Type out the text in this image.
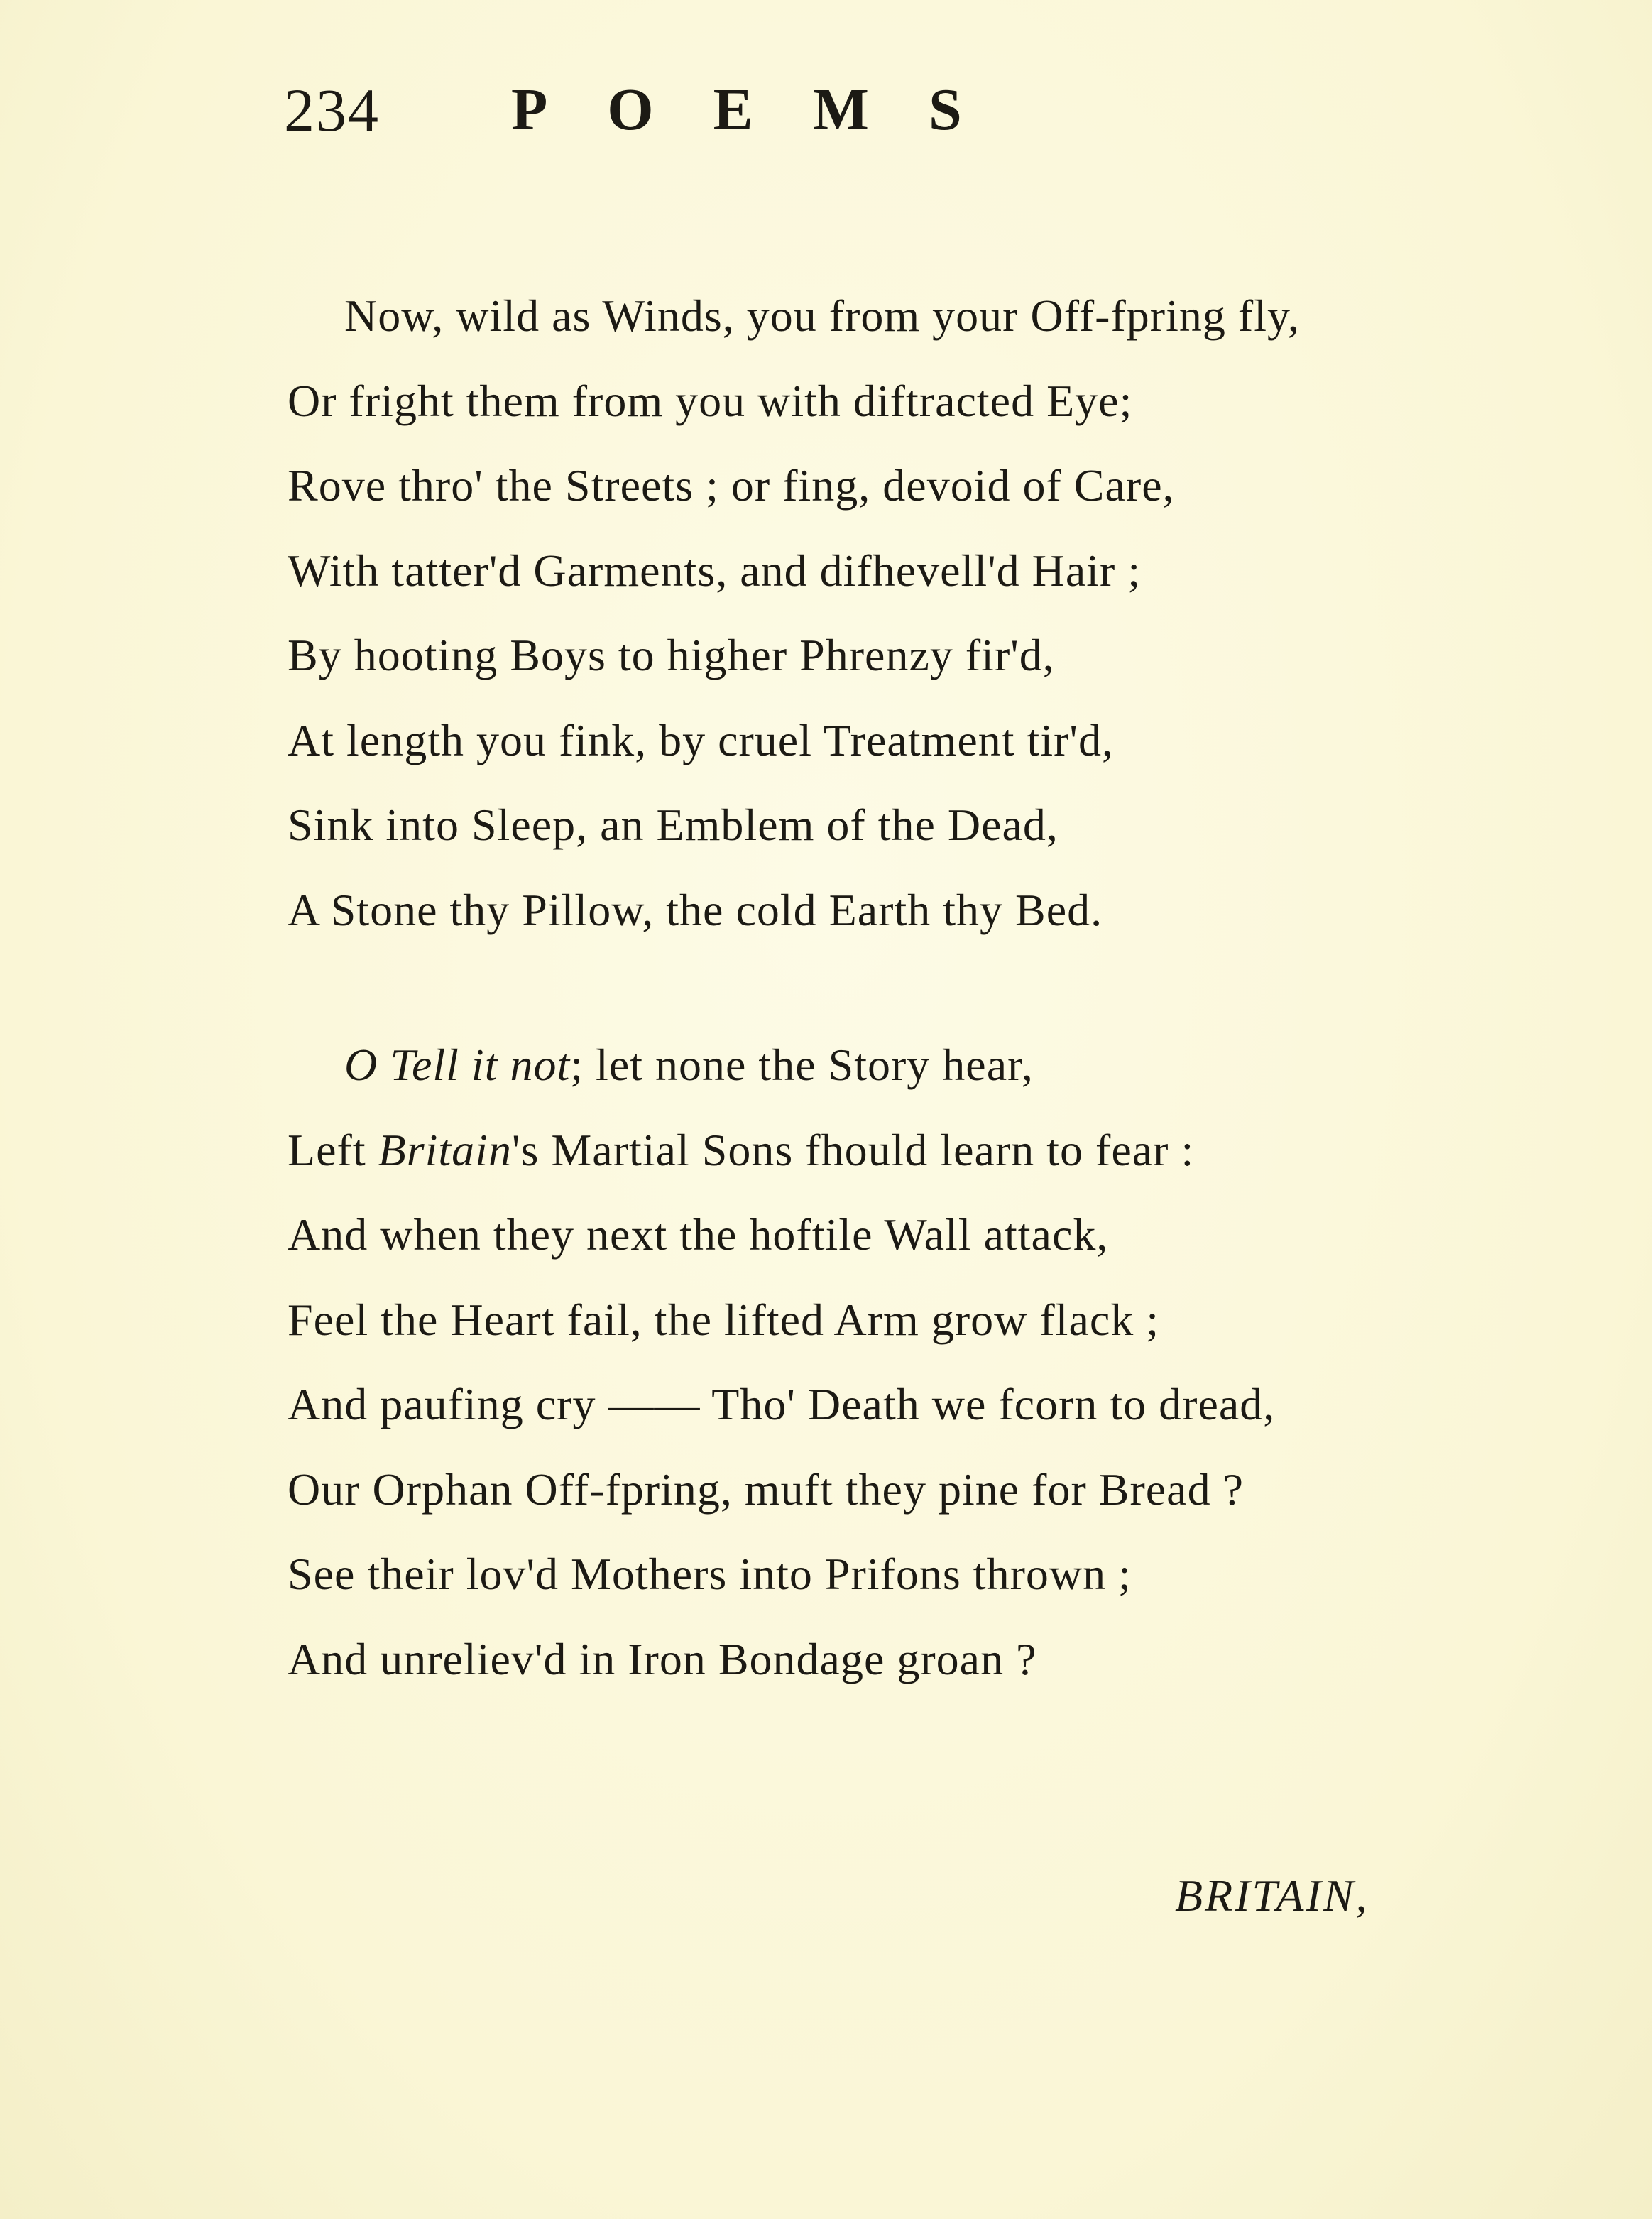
234 POEMS
Now, wild as Winds, you from your Off-fpring fly,
Or fright them from you with diftracted Eye;
Rove thro' the Streets ; or fing, devoid of Care,
With tatter'd Garments, and difhevell'd Hair ;
By hooting Boys to higher Phrenzy fir'd,
At length you fink, by cruel Treatment tir'd,
Sink into Sleep, an Emblem of the Dead,
A Stone thy Pillow, the cold Earth thy Bed.
O Tell it not; let none the Story hear,
Left Britain's Martial Sons fhould learn to fear :
And when they next the hoftile Wall attack,
Feel the Heart fail, the lifted Arm grow flack ;
And paufing cry —— Tho' Death we fcorn to dread,
Our Orphan Off-fpring, muft they pine for Bread ?
See their lov'd Mothers into Prifons thrown ;
And unreliev'd in Iron Bondage groan ?
BRITAIN,
